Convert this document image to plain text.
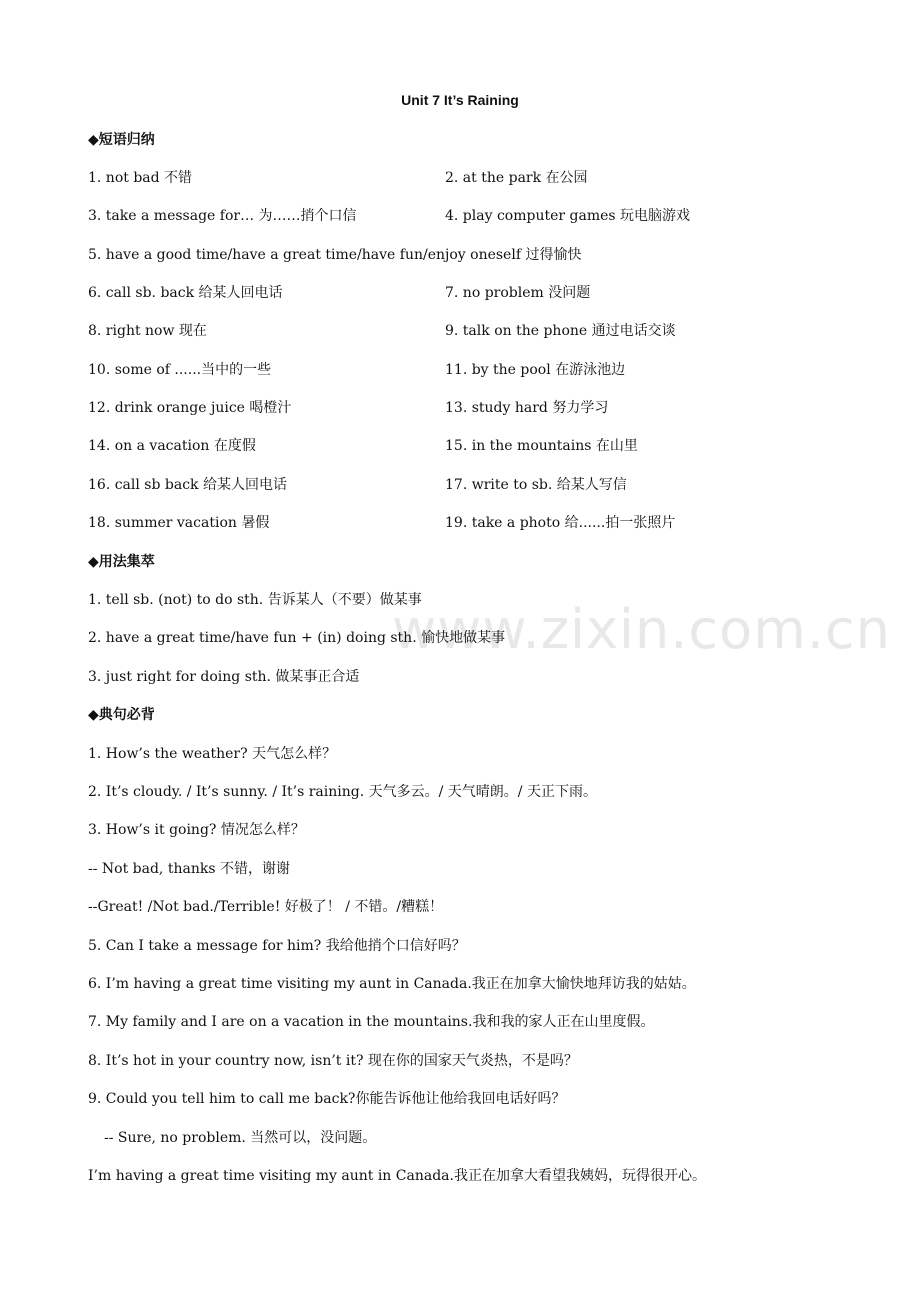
www.zixin.com.cn
Unit 7 It’s Raining
◆短语归纳
1. not bad 不错	2. at the park 在公园
3. take a message for… 为……捎个口信	4. play computer games 玩电脑游戏
5. have a good time/have a great time/have fun/enjoy oneself 过得愉快
6. call sb. back 给某人回电话	7. no problem 没问题
8. right now 现在	9. talk on the phone 通过电话交谈
10. some of ......当中的一些	11. by the pool 在游泳池边
12. drink orange juice 喝橙汁	13. study hard 努力学习
14. on a vacation 在度假	15. in the mountains 在山里
16. call sb back 给某人回电话	17. write to sb. 给某人写信
18. summer vacation 暑假	19. take a photo 给......拍一张照片
◆用法集萃
1. tell sb. (not) to do sth. 告诉某人（不要）做某事
2. have a great time/have fun + (in) doing sth. 愉快地做某事
3. just right for doing sth. 做某事正合适
◆典句必背
1. How’s the weather? 天气怎么样？
2. It’s cloudy. / It’s sunny. / It’s raining. 天气多云。/ 天气晴朗。/ 天正下雨。
3. How’s it going? 情况怎么样？
-- Not bad, thanks 不错，谢谢
--Great! /Not bad./Terrible! 好极了！ / 不错。/糟糕！
5. Can I take a message for him? 我给他捎个口信好吗？
6. I’m having a great time visiting my aunt in Canada.我正在加拿大愉快地拜访我的姑姑。
7. My family and I are on a vacation in the mountains.我和我的家人正在山里度假。
8. It’s hot in your country now, isn’t it? 现在你的国家天气炎热，不是吗？
9. Could you tell him to call me back?你能告诉他让他给我回电话好吗？
-- Sure, no problem. 当然可以，没问题。
I’m having a great time visiting my aunt in Canada.我正在加拿大看望我姨妈，玩得很开心。
